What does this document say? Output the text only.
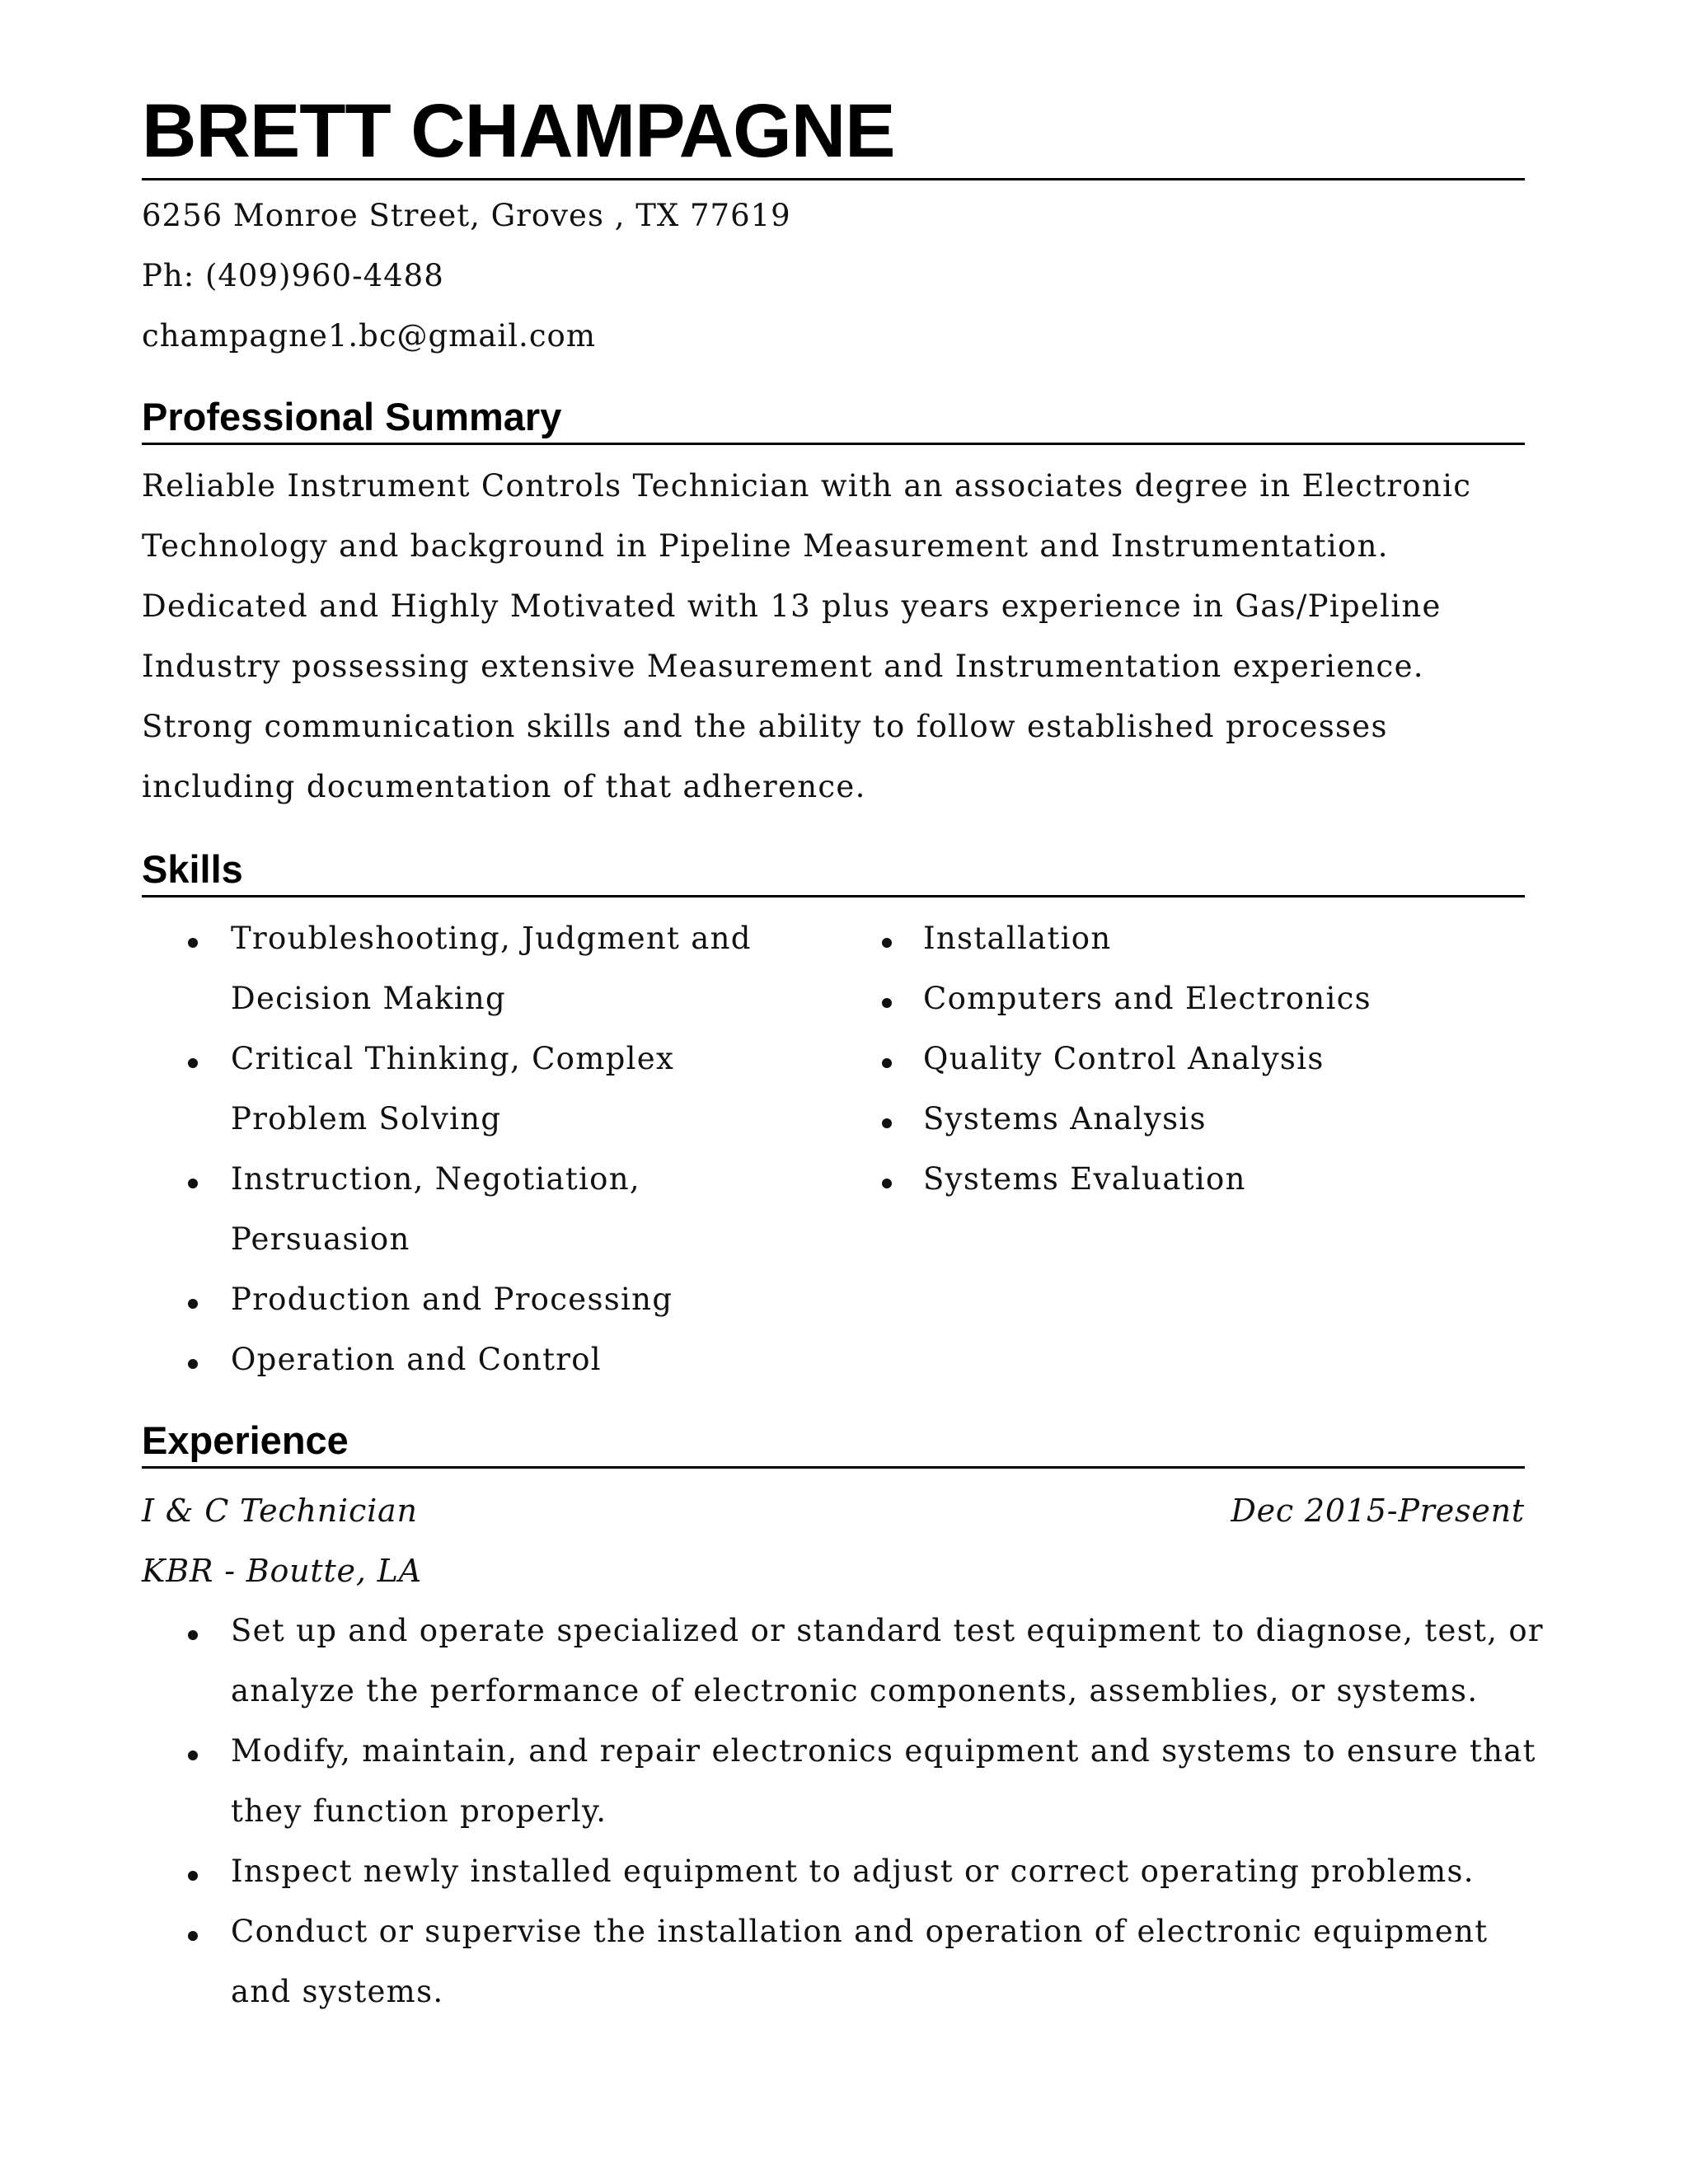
BRETT CHAMPAGNE
6256 Monroe Street, Groves , TX 77619
Ph: (409)960-4488
champagne1.bc@gmail.com
Professional Summary
Reliable Instrument Controls Technician with an associates degree in Electronic
Technology and background in Pipeline Measurement and Instrumentation.
Dedicated and Highly Motivated with 13 plus years experience in Gas/Pipeline
Industry possessing extensive Measurement and Instrumentation experience.
Strong communication skills and the ability to follow established processes
including documentation of that adherence.
Skills
Troubleshooting, Judgment and
Decision Making
Critical Thinking, Complex
Problem Solving
Instruction, Negotiation,
Persuasion
Production and Processing
Operation and Control
Installation
Computers and Electronics
Quality Control Analysis
Systems Analysis
Systems Evaluation
Experience
I & C Technician	Dec 2015-Present
KBR - Boutte, LA
Set up and operate specialized or standard test equipment to diagnose, test, or
analyze the performance of electronic components, assemblies, or systems.
Modify, maintain, and repair electronics equipment and systems to ensure that
they function properly.
Inspect newly installed equipment to adjust or correct operating problems.
Conduct or supervise the installation and operation of electronic equipment
and systems.
